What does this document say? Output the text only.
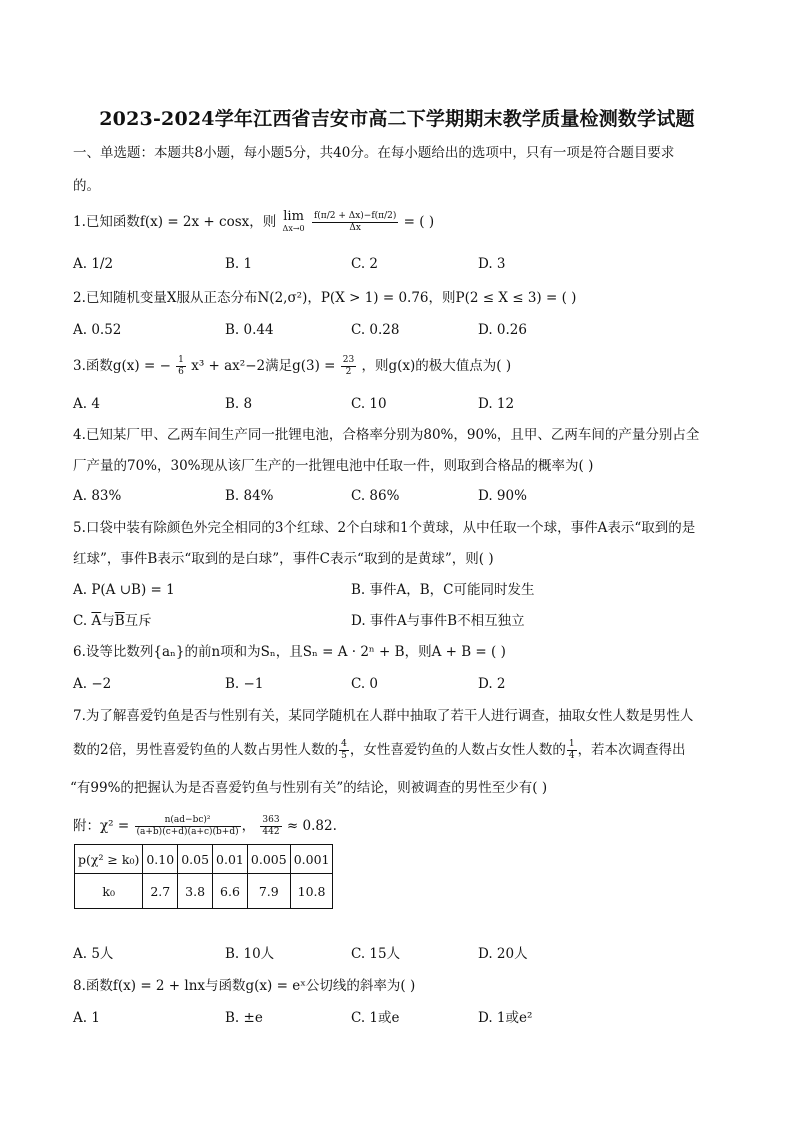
2023-2024学年江西省吉安市高二下学期期末教学质量检测数学试题
一、单选题：本题共8小题，每小题5分，共40分。在每小题给出的选项中，只有一项是符合题目要求
的。
1.已知函数f(x) = 2x + cosx，则 lim
Δx→0
$\frac{f(\pi/2 + \Delta x)-f(\pi/2)}{\Delta x}$ = ( )
A. 1/2	B. 1	C. 2	D. 3
2.已知随机变量X服从正态分布N(2,σ²)，P(X > 1) = 0.76，则P(2 ≤ X ≤ 3) = ( )
A. 0.52	B. 0.44	C. 0.28	D. 0.26
3.函数g(x) = − $\frac{1}{6} x^3 + ax^2-2$满足$g(3) = \frac{23}{2}$ ，则g(x)的极大值点为( )
A. 4	B. 8	C. 10	D. 12
4.已知某厂甲、乙两车间生产同一批锂电池，合格率分别为80%，90%，且甲、乙两车间的产量分别占全
厂产量的70%，30%现从该厂生产的一批锂电池中任取一件，则取到合格品的概率为( )
A. 83%	B. 84%	C. 86%	D. 90%
5.口袋中装有除颜色外完全相同的3个红球、2个白球和1个黄球，从中任取一个球，事件A表示“取到的是
红球”，事件B表示“取到的是白球”，事件C表示“取到的是黄球”，则( )
A. P(A ∪B) = 1	B. 事件A，B，C可能同时发生
C. $\overline{A}$与$\overline{B}$互斥	D. 事件A与事件B不相互独立
6.设等比数列{aₙ}的前n项和为Sₙ，且Sₙ = A · 2ⁿ + B，则A + B = ( )
A. −2	B. −1	C. 0	D. 2
7.为了解喜爱钓鱼是否与性别有关，某同学随机在人群中抽取了若干人进行调查，抽取女性人数是男性人
数的2倍，男性喜爱钓鱼的人数占男性人数的 $\frac{4}{5}$ ，女性喜爱钓鱼的人数占女性人数的 $\frac{1}{4}$ ，若本次调查得出
“有99%的把握认为是否喜爱钓鱼与性别有关”的结论，则被调查的男性至少有( )
附：$\chi^2 = \frac{\text{n(ad−bc)²}}{(a+b)(c+d)(a+c)(b+d)}$ ， $\frac{363}{442} \approx 0.82$.
p(χ² ≥ k₀)	0.10	0.05	0.01	0.005	0.001
k₀	2.7	3.8	6.6	7.9	10.8
A. 5人	B. 10人	C. 15人	D. 20人
8.函数f(x) = 2 + lnx与函数g(x) = eˣ公切线的斜率为( )
A. 1	B. ±e	C. 1或e	D. 1或e²
